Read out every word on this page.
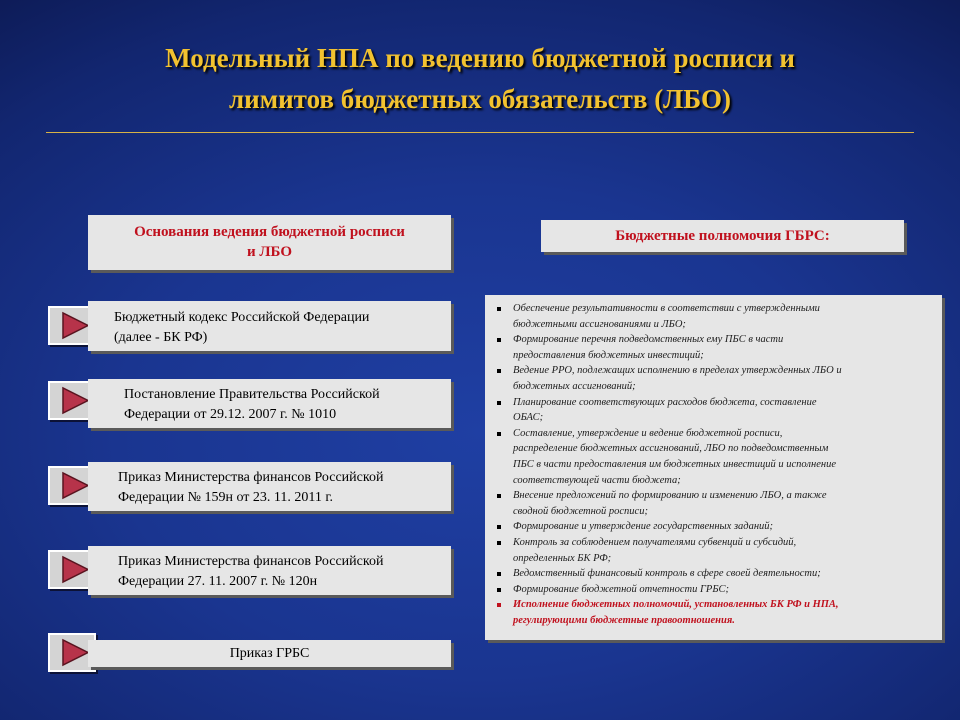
Модельный НПА по ведению бюджетной росписи и
лимитов бюджетных обязательств (ЛБО)
Основания ведения бюджетной росписи
и ЛБО
Бюджетные полномочия ГБРС:
Бюджетный кодекс Российской Федерации
(далее - БК РФ)
Постановление Правительства Российской
Федерации от 29.12. 2007 г. № 1010
Приказ Министерства финансов Российской
Федерации № 159н от 23. 11. 2011 г.
Приказ Министерства финансов Российской
Федерации 27. 11. 2007 г. № 120н
Приказ ГРБС
Обеспечение результативности в соответствии с утвержденными
бюджетными ассигнованиями и ЛБО;
Формирование перечня подведомственных ему ПБС в части
предоставления бюджетных инвестиций;
Ведение РРО, подлежащих исполнению в пределах утвержденных ЛБО и
бюджетных ассигнований;
Планирование соответствующих расходов бюджета, составление
ОБАС;
Составление, утверждение и ведение бюджетной росписи,
распределение бюджетных ассигнований, ЛБО по подведомственным
ПБС в части предоставления им бюджетных инвестиций и исполнение
соответствующей части бюджета;
Внесение предложений по формированию и изменению ЛБО, а также
сводной бюджетной росписи;
Формирование и утверждение государственных заданий;
Контроль за соблюдением получателями субвенций и субсидий,
определенных БК РФ;
Ведомственный финансовый контроль в сфере своей деятельности;
Формирование бюджетной отчетности ГРБС;
Исполнение бюджетных полномочий, установленных БК РФ и НПА,
регулирующими бюджетные правоотношения.
